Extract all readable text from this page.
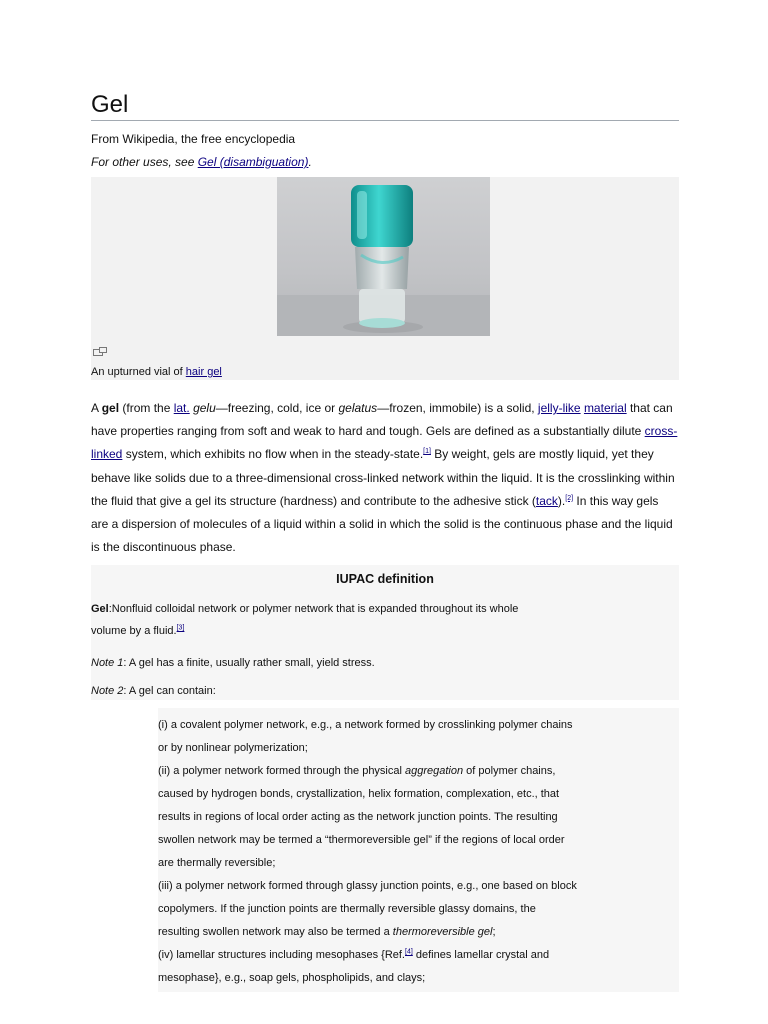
Gel
From Wikipedia, the free encyclopedia
For other uses, see Gel (disambiguation).
An upturned vial of hair gel
A gel (from the lat. gelu—freezing, cold, ice or gelatus—frozen, immobile) is a solid, jelly-like material that can have properties ranging from soft and weak to hard and tough. Gels are defined as a substantially dilute cross-linked system, which exhibits no flow when in the steady-state.[1] By weight, gels are mostly liquid, yet they behave like solids due to a three-dimensional cross-linked network within the liquid. It is the crosslinking within the fluid that give a gel its structure (hardness) and contribute to the adhesive stick (tack).[2] In this way gels are a dispersion of molecules of a liquid within a solid in which the solid is the continuous phase and the liquid is the discontinuous phase.
IUPAC definition
Gel:Nonfluid colloidal network or polymer network that is expanded throughout its whole volume by a fluid.[3]
Note 1: A gel has a finite, usually rather small, yield stress.
Note 2: A gel can contain:
(i) a covalent polymer network, e.g., a network formed by crosslinking polymer chains or by nonlinear polymerization;
(ii) a polymer network formed through the physical aggregation of polymer chains, caused by hydrogen bonds, crystallization, helix formation, complexation, etc., that results in regions of local order acting as the network junction points. The resulting swollen network may be termed a “thermoreversible gel” if the regions of local order are thermally reversible;
(iii) a polymer network formed through glassy junction points, e.g., one based on block copolymers. If the junction points are thermally reversible glassy domains, the resulting swollen network may also be termed a thermoreversible gel;
(iv) lamellar structures including mesophases {Ref.[4] defines lamellar crystal and mesophase}, e.g., soap gels, phospholipids, and clays;
